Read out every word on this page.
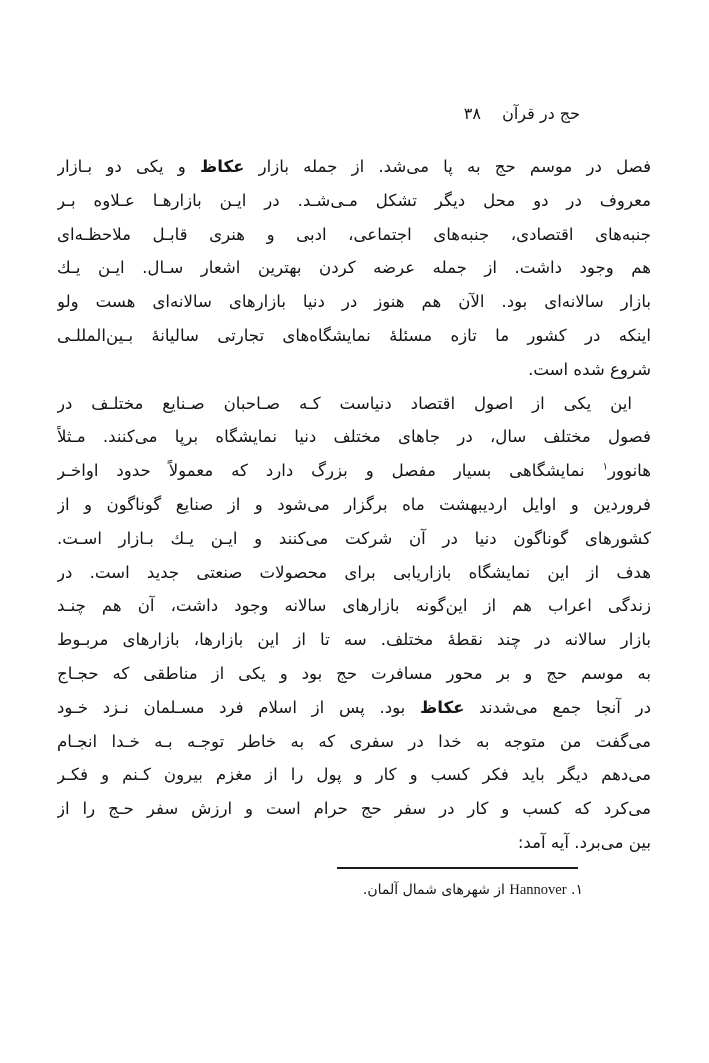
حج در قرآن ۳۸
فصل در موسم حج به پا می‌شد. از جمله بازار عكاظ و يكی دو بـازار
معروف در دو محل ديگر تشكل مـی‌شـد. در ايـن بازارهـا عـلاوه بـر
جنبه‌های اقتصادی، جنبه‌های اجتماعی، ادبی و هنری قابـل ملاحظـه‌ای
هم وجود داشت. از جمله عرضه كردن بهترين اشعار سـال. ايـن يـك
بازار سالانه‌ای بود. الآن هم هنوز در دنيا بازارهای سالانه‌ای هست ولو
اينكه در كشور ما تازه مسئلهٔ نمايشگاه‌های تجارتی ساليانهٔ بـين‌المللـی
شروع شده است.
اين يكی از اصول اقتصاد دنياست كـه صـاحبان صـنايع مختلـف در
فصول مختلف سال، در جاهای مختلف دنيا نمايشگاه برپا می‌كنند. مـثلاً
هانوور$^۱$ نمايشگاهی بسيار مفصل و بزرگ دارد كه معمولاً حدود اواخـر
فروردين و اوايل ارديبهشت ماه برگزار می‌شود و از صنايع گوناگون و از
كشورهای گوناگون دنيا در آن شركت می‌كنند و ايـن يـك بـازار اسـت.
هدف از اين نمايشگاه بازاريابی برای محصولات صنعتی جديد است. در
زندگی اعراب هم از اين‌گونه بازارهای سالانه وجود داشت، آن هم چنـد
بازار سالانه در چند نقطهٔ مختلف. سه تا از اين بازارها، بازارهای مربـوط
به موسم حج و بر محور مسافرت حج بود و يكی از مناطقی كه حجـاج
در آنجا جمع می‌شدند عكاظ بود. پس از اسلام فرد مسـلمان نـزد خـود
می‌گفت من متوجه به خدا در سفری كه به خاطر توجـه بـه خـدا انجـام
می‌دهم ديگر بايد فكر كسب و كار و پول را از مغزم بيرون كـنم و فكـر
می‌كرد كه كسب و كار در سفر حج حرام است و ارزش سفر حـج را از
بين می‌برد. آيه آمد:
۱. Hannover از شهرهای شمال آلمان.
